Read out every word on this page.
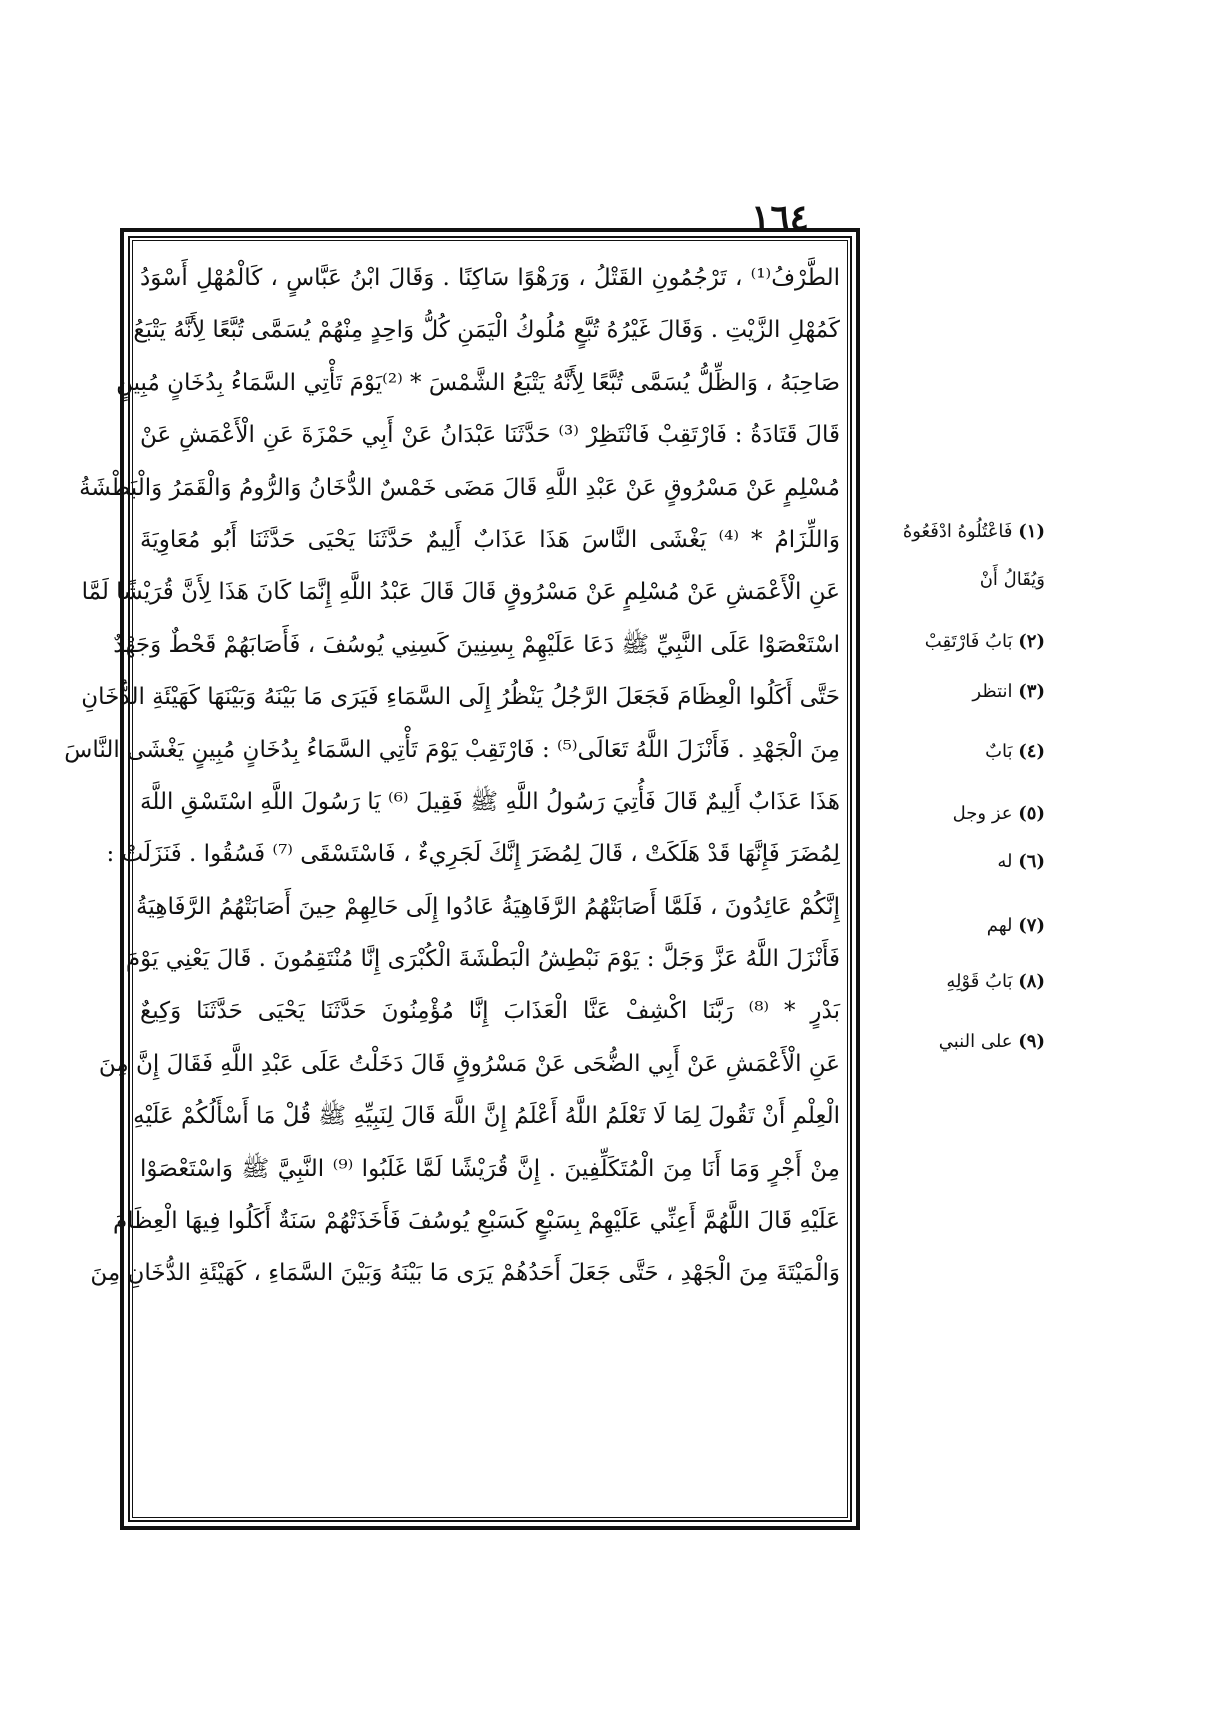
١٦٤
الطَّرْفُ⁽¹⁾ ، تَرْجُمُونِ القَتْلُ ، وَرَهْوًا سَاكِنًا . وَقَالَ ابْنُ عَبَّاسٍ ، كَالْمُهْلِ أَسْوَدُ
كَمُهْلِ الزَّيْتِ . وَقَالَ غَيْرُهُ تُبَّعٍ مُلُوكُ الْيَمَنِ كُلُّ وَاحِدٍ مِنْهُمْ يُسَمَّى تُبَّعًا لِأَنَّهُ يَتْبَعُ
صَاحِبَهُ ، وَالظِّلُّ يُسَمَّى تُبَّعًا لِأَنَّهُ يَتْبَعُ الشَّمْسَ * ⁽²⁾يَوْمَ تَأْتِي السَّمَاءُ بِدُخَانٍ مُبِينٍ
قَالَ قَتَادَةُ : فَارْتَقِبْ فَانْتَظِرْ ⁽³⁾ حَدَّثَنَا عَبْدَانُ عَنْ أَبِي حَمْزَةَ عَنِ الْأَعْمَشِ عَنْ
مُسْلِمٍ عَنْ مَسْرُوقٍ عَنْ عَبْدِ اللَّهِ قَالَ مَضَى خَمْسٌ الدُّخَانُ وَالرُّومُ وَالْقَمَرُ وَالْبَطْشَةُ
وَاللِّزَامُ * ⁽⁴⁾ يَغْشَى النَّاسَ هَذَا عَذَابٌ أَلِيمٌ حَدَّثَنَا يَحْيَى حَدَّثَنَا أَبُو مُعَاوِيَةَ
عَنِ الْأَعْمَشِ عَنْ مُسْلِمٍ عَنْ مَسْرُوقٍ قَالَ قَالَ عَبْدُ اللَّهِ إِنَّمَا كَانَ هَذَا لِأَنَّ قُرَيْشًا لَمَّا
اسْتَعْصَوْا عَلَى النَّبِيِّ ﷺ دَعَا عَلَيْهِمْ بِسِنِينَ كَسِنِي يُوسُفَ ، فَأَصَابَهُمْ قَحْطٌ وَجَهْدٌ
حَتَّى أَكَلُوا الْعِظَامَ فَجَعَلَ الرَّجُلُ يَنْظُرُ إِلَى السَّمَاءِ فَيَرَى مَا بَيْنَهُ وَبَيْنَهَا كَهَيْئَةِ الدُّخَانِ
مِنَ الْجَهْدِ . فَأَنْزَلَ اللَّهُ تَعَالَى⁽⁵⁾ : فَارْتَقِبْ يَوْمَ تَأْتِي السَّمَاءُ بِدُخَانٍ مُبِينٍ يَغْشَى النَّاسَ
هَذَا عَذَابٌ أَلِيمٌ قَالَ فَأُتِيَ رَسُولُ اللَّهِ ﷺ فَقِيلَ ⁽⁶⁾ يَا رَسُولَ اللَّهِ اسْتَسْقِ اللَّهَ
لِمُضَرَ فَإِنَّهَا قَدْ هَلَكَتْ ، قَالَ لِمُضَرَ إِنَّكَ لَجَرِيءٌ ، فَاسْتَسْقَى ⁽⁷⁾ فَسُقُوا . فَنَزَلَتْ :
إِنَّكُمْ عَائِدُونَ ، فَلَمَّا أَصَابَتْهُمُ الرَّفَاهِيَةُ عَادُوا إِلَى حَالِهِمْ حِينَ أَصَابَتْهُمُ الرَّفَاهِيَةُ
فَأَنْزَلَ اللَّهُ عَزَّ وَجَلَّ : يَوْمَ نَبْطِشُ الْبَطْشَةَ الْكُبْرَى إِنَّا مُنْتَقِمُونَ . قَالَ يَعْنِي يَوْمَ
بَدْرٍ * ⁽⁸⁾ رَبَّنَا اكْشِفْ عَنَّا الْعَذَابَ إِنَّا مُؤْمِنُونَ حَدَّثَنَا يَحْيَى حَدَّثَنَا وَكِيعٌ
عَنِ الْأَعْمَشِ عَنْ أَبِي الضُّحَى عَنْ مَسْرُوقٍ قَالَ دَخَلْتُ عَلَى عَبْدِ اللَّهِ فَقَالَ إِنَّ مِنَ
الْعِلْمِ أَنْ تَقُولَ لِمَا لَا تَعْلَمُ اللَّهُ أَعْلَمُ إِنَّ اللَّهَ قَالَ لِنَبِيِّهِ ﷺ قُلْ مَا أَسْأَلُكُمْ عَلَيْهِ
مِنْ أَجْرٍ وَمَا أَنَا مِنَ الْمُتَكَلِّفِينَ . إِنَّ قُرَيْشًا لَمَّا غَلَبُوا ⁽⁹⁾ النَّبِيَّ ﷺ وَاسْتَعْصَوْا
عَلَيْهِ قَالَ اللَّهُمَّ أَعِنِّي عَلَيْهِمْ بِسَبْعٍ كَسَبْعِ يُوسُفَ فَأَخَذَتْهُمْ سَنَةٌ أَكَلُوا فِيهَا الْعِظَامَ
وَالْمَيْتَةَ مِنَ الْجَهْدِ ، حَتَّى جَعَلَ أَحَدُهُمْ يَرَى مَا بَيْنَهُ وَبَيْنَ السَّمَاءِ ، كَهَيْئَةِ الدُّخَانِ مِنَ
(١) فَاعْتُلُوهُ ادْفَعُوهُ
وَيُقَالُ أَنْ
(٢) بَابُ فَارْتَقِبْ
(٣) انتظر
(٤) بَابٌ
(٥) عز وجل
(٦) له
(٧) لهم
(٨) بَابُ قَوْلِهِ
(٩) على النبي
